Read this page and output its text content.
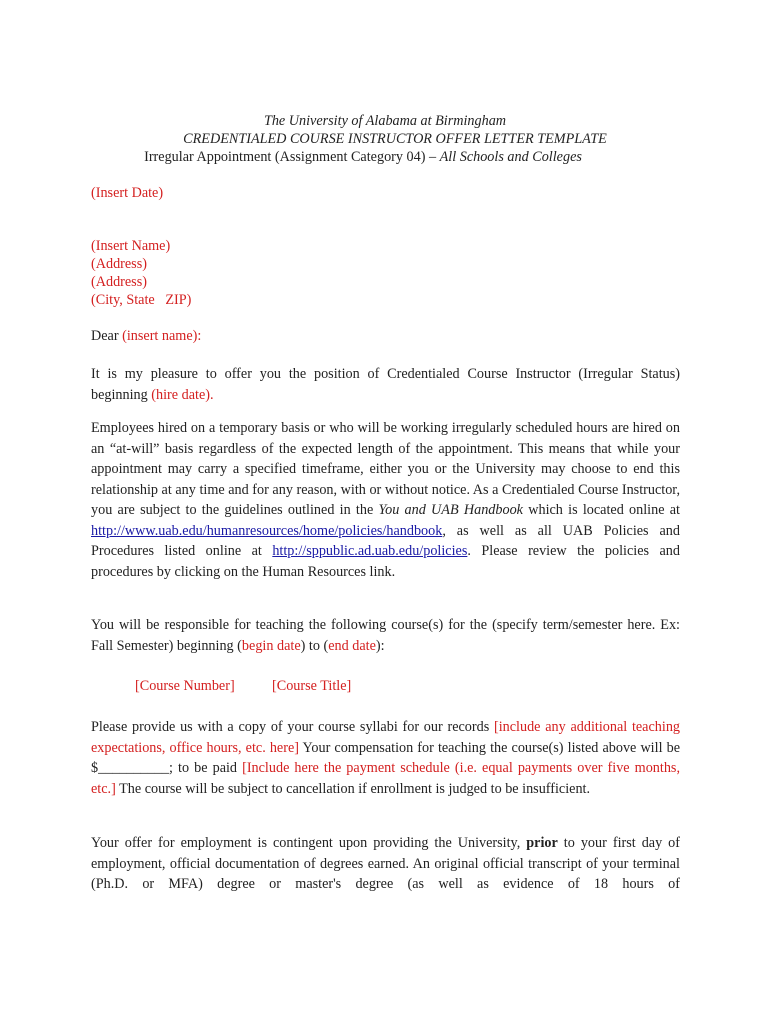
The University of Alabama at Birmingham
CREDENTIALED COURSE INSTRUCTOR OFFER LETTER TEMPLATE
Irregular Appointment (Assignment Category 04) – All Schools and Colleges
(Insert Date)
(Insert Name)
(Address)
(Address)
(City, State   ZIP)
Dear (insert name):

It is my pleasure to offer you the position of Credentialed Course Instructor (Irregular Status) beginning (hire date).

Employees hired on a temporary basis or who will be working irregularly scheduled hours are hired on an “at-will” basis regardless of the expected length of the appointment. This means that while your appointment may carry a specified timeframe, either you or the University may choose to end this relationship at any time and for any reason, with or without notice. As a Credentialed Course Instructor, you are subject to the guidelines outlined in the You and UAB Handbook which is located online at http://www.uab.edu/humanresources/home/policies/handbook, as well as all UAB Policies and Procedures listed online at http://sppublic.ad.uab.edu/policies. Please review the policies and procedures by clicking on the Human Resources link.

You will be responsible for teaching the following course(s) for the (specify term/semester here. Ex: Fall Semester) beginning (begin date) to (end date):

[Course Number]	[Course Title]

Please provide us with a copy of your course syllabi for our records [include any additional teaching expectations, office hours, etc. here] Your compensation for teaching the course(s) listed above will be $__________; to be paid [Include here the payment schedule (i.e. equal payments over five months, etc.] The course will be subject to cancellation if enrollment is judged to be insufficient.

Your offer for employment is contingent upon providing the University, prior to your first day of employment, official documentation of degrees earned. An original official transcript of your terminal (Ph.D. or MFA) degree or master's degree (as well as evidence of 18 hours of
